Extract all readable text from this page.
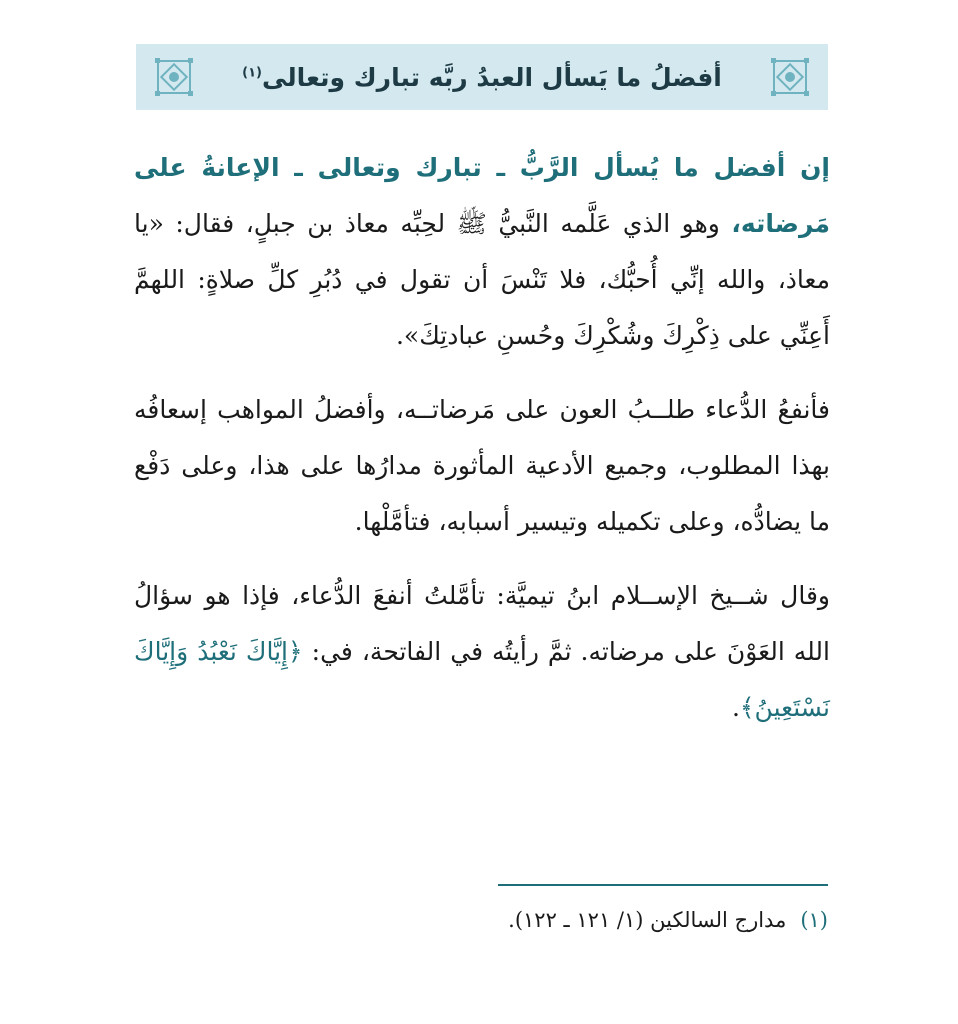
أفضلُ ما يَسأل العبدُ ربَّه تبارك وتعالى$^{(١)}$

إن أفضل ما يُسأل الرَّبُّ ـ تبارك وتعالى ـ الإعانةُ على مَرضاته، وهو الذي عَلَّمه النَّبيُّ ﷺ لحِبِّه معاذ بن جبلٍ، فقال: «يا معاذ، والله إنِّي أُحبُّك، فلا تَنْسَ أن تقول في دُبُرِ كلِّ صلاةٍ: اللهمَّ أَعِنِّي على ذِكْرِكَ وشُكْرِكَ وحُسنِ عبادتِكَ».

فأنفعُ الدُّعاء طلــبُ العون على مَرضاتــه، وأفضلُ المواهب إسعافُه بهذا المطلوب، وجميع الأدعية المأثورة مدارُها على هذا، وعلى دَفْع ما يضادُّه، وعلى تكميله وتيسير أسبابه، فتأمَّلْها.

وقال شــيخ الإســلام ابنُ تيميَّة: تأمَّلتُ أنفعَ الدُّعاء، فإذا هو سؤالُ الله العَوْنَ على مرضاته. ثمَّ رأيتُه في الفاتحة، في: ﴿إِيَّاكَ نَعْبُدُ وَإِيَّاكَ نَسْتَعِينُ﴾.

(١)مدارج السالكين (١/ ١٢١ ـ ١٢٢).
